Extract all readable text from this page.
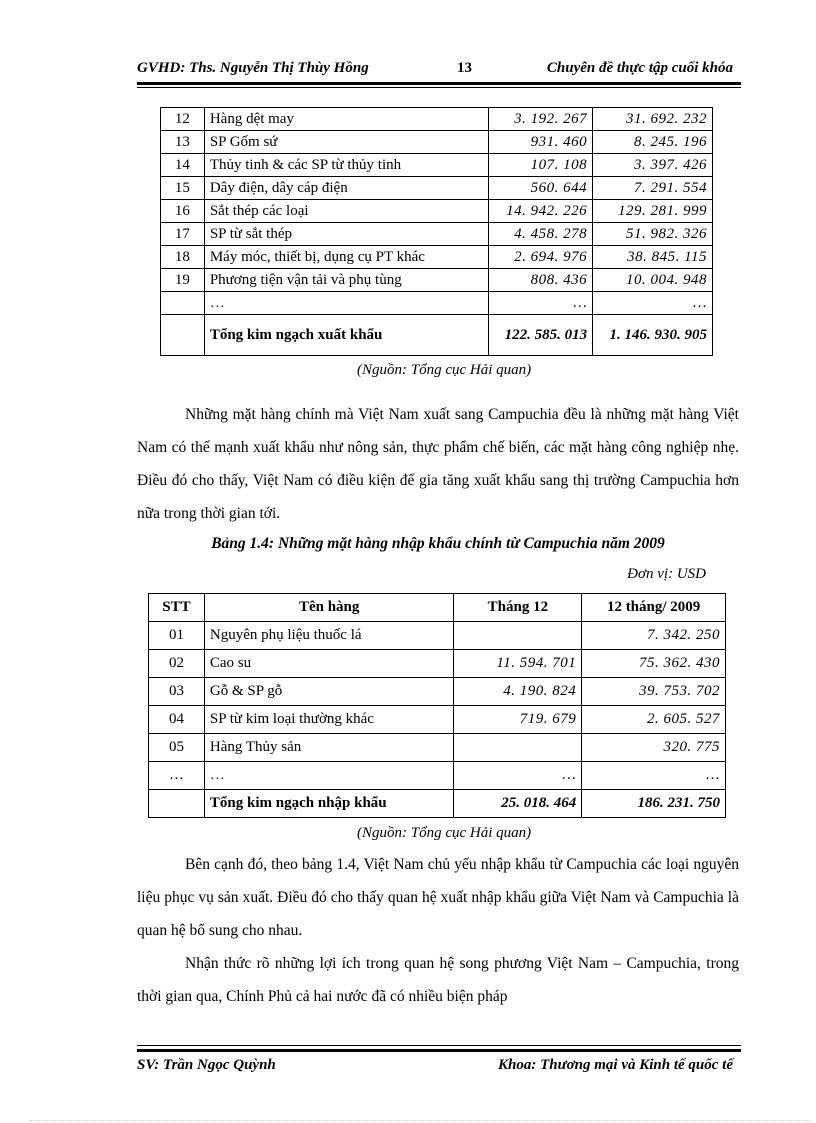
GVHD: Ths. Nguyễn Thị Thùy Hồng	13	Chuyên đề thực tập cuối khóa
12	Hàng dệt may	3. 192. 267	31. 692. 232
13	SP Gốm sứ	931. 460	8. 245. 196
14	Thủy tinh & các SP từ thủy tinh	107. 108	3. 397. 426
15	Dây điện, dây cáp điện	560. 644	7. 291. 554
16	Sắt thép các loại	14. 942. 226	129. 281. 999
17	SP từ sắt thép	4. 458. 278	51. 982. 326
18	Máy móc, thiết bị, dụng cụ PT khác	2. 694. 976	38. 845. 115
19	Phương tiện vận tải và phụ tùng	808. 436	10. 004. 948
	…	…	…
	Tổng kim ngạch xuất khẩu	122. 585. 013	1. 146. 930. 905
(Nguồn: Tổng cục Hải quan)

Những mặt hàng chính mà Việt Nam xuất sang Campuchia đều là những mặt hàng Việt Nam có thế mạnh xuất khẩu như nông sản, thực phẩm chế biến, các mặt hàng công nghiệp nhẹ. Điều đó cho thấy, Việt Nam có điều kiện để gia tăng xuất khẩu sang thị trường Campuchia hơn nữa trong thời gian tới.

Bảng 1.4: Những mặt hàng nhập khẩu chính từ Campuchia năm 2009
Đơn vị: USD
STT	Tên hàng	Tháng 12	12 tháng/ 2009
01	Nguyên phụ liệu thuốc lá		7. 342. 250
02	Cao su	11. 594. 701	75. 362. 430
03	Gỗ & SP gỗ	4. 190. 824	39. 753. 702
04	SP từ kim loại thường khác	719. 679	2. 605. 527
05	Hàng Thủy sản		320. 775
…	…	…	…
	Tổng kim ngạch nhập khẩu	25. 018. 464	186. 231. 750
(Nguồn: Tổng cục Hải quan)

Bên cạnh đó, theo bảng 1.4, Việt Nam chủ yếu nhập khẩu từ Campuchia các loại nguyên liệu phục vụ sản xuất. Điều đó cho thấy quan hệ xuất nhập khẩu giữa Việt Nam và Campuchia là quan hệ bổ sung cho nhau.

Nhận thức rõ những lợi ích trong quan hệ song phương Việt Nam – Campuchia, trong thời gian qua, Chính Phủ cả hai nước đã có nhiều biện pháp

SV: Trần Ngọc Quỳnh	Khoa: Thương mại và Kinh tế quốc tế
